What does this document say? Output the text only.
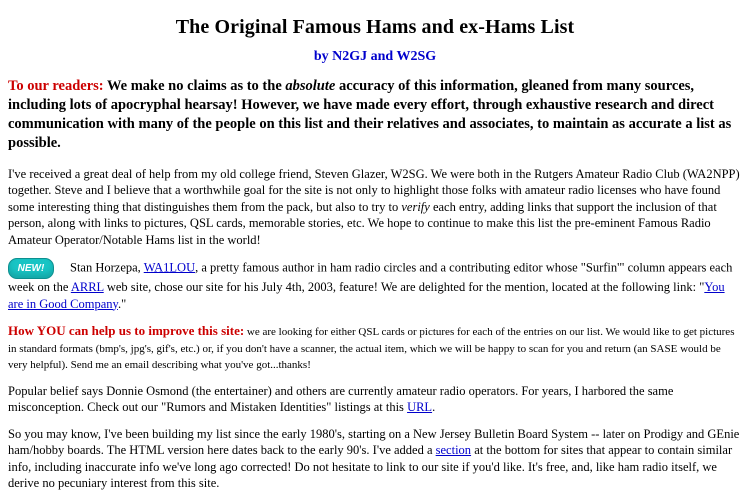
The Original Famous Hams and ex-Hams List
by N2GJ and W2SG

To our readers: We make no claims as to the absolute accuracy of this information, gleaned from many sources, including lots of apocryphal hearsay! However, we have made every effort, through exhaustive research and direct communication with many of the people on this list and their relatives and associates, to maintain as accurate a list as possible.

I've received a great deal of help from my old college friend, Steven Glazer, W2SG. We were both in the Rutgers Amateur Radio Club (WA2NPP) together. Steve and I believe that a worthwhile goal for the site is not only to highlight those folks with amateur radio licenses who have found some interesting thing that distinguishes them from the pack, but also to try to verify each entry, adding links that support the inclusion of that person, along with links to pictures, QSL cards, memorable stories, etc. We hope to continue to make this list the pre-eminent Famous Radio Amateur Operator/Notable Hams list in the world!

NEW! Stan Horzepa, WA1LOU, a pretty famous author in ham radio circles and a contributing editor whose "Surfin'" column appears each week on the ARRL web site, chose our site for his July 4th, 2003, feature! We are delighted for the mention, located at the following link: "You are in Good Company."

How YOU can help us to improve this site: we are looking for either QSL cards or pictures for each of the entries on our list. We would like to get pictures in standard formats (bmp's, jpg's, gif's, etc.) or, if you don't have a scanner, the actual item, which we will be happy to scan for you and return (an SASE would be very helpful). Send me an email describing what you've got...thanks!

Popular belief says Donnie Osmond (the entertainer) and others are currently amateur radio operators. For years, I harbored the same misconception. Check out our "Rumors and Mistaken Identities" listings at this URL.

So you may know, I've been building my list since the early 1980's, starting on a New Jersey Bulletin Board System -- later on Prodigy and GEnie ham/hobby boards. The HTML version here dates back to the early 90's. I've added a section at the bottom for sites that appear to contain similar info, including inaccurate info we've long ago corrected! Do not hesitate to link to our site if you'd like. It's free, and, like ham radio itself, we derive no pecuniary interest from this site.
